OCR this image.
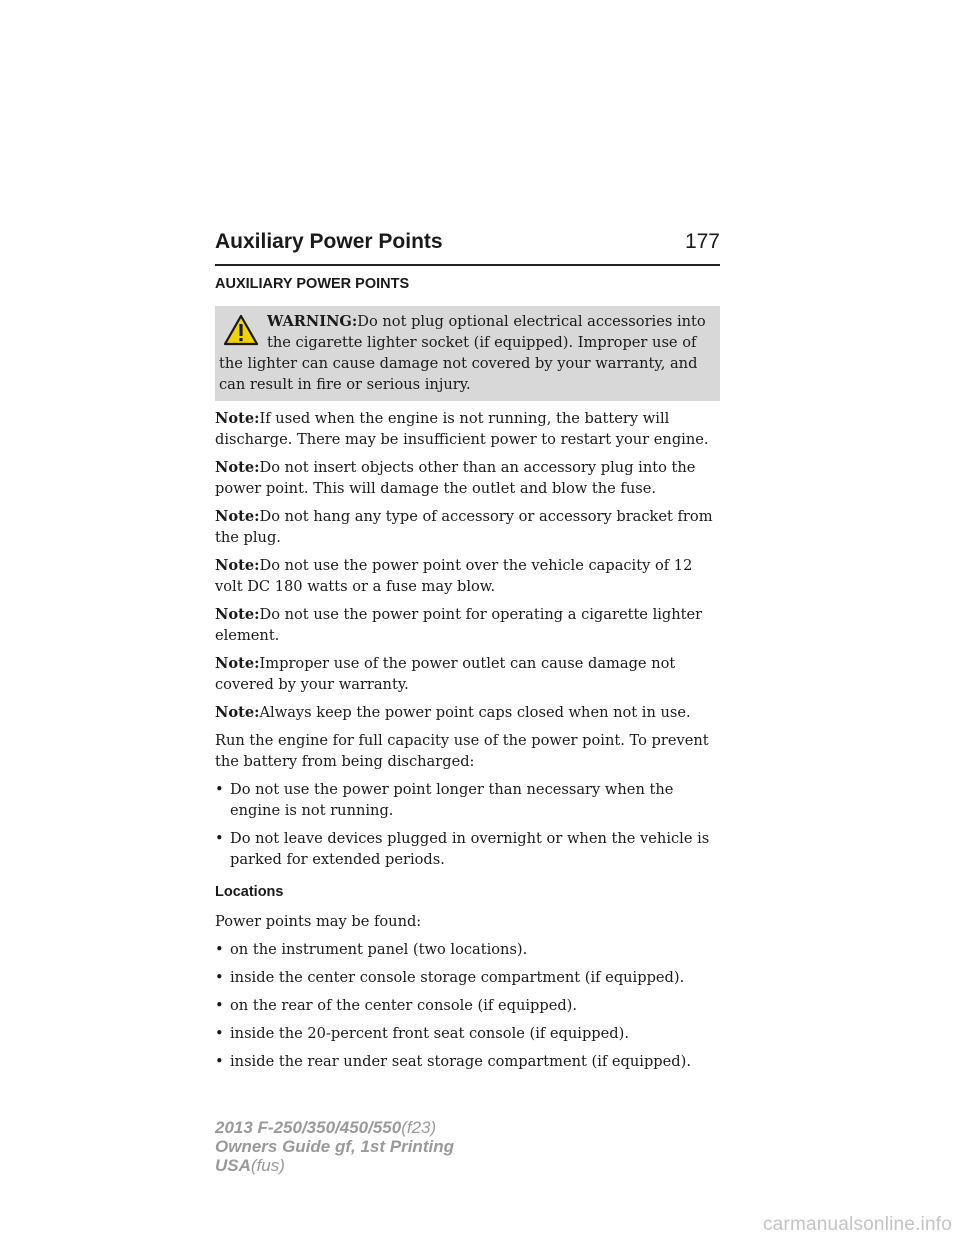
Auxiliary Power Points	177
AUXILIARY POWER POINTS
WARNING:Do not plug optional electrical accessories into the cigarette lighter socket (if equipped). Improper use of the lighter can cause damage not covered by your warranty, and can result in fire or serious injury.

Note:If used when the engine is not running, the battery will discharge. There may be insufficient power to restart your engine.

Note:Do not insert objects other than an accessory plug into the power point. This will damage the outlet and blow the fuse.

Note:Do not hang any type of accessory or accessory bracket from the plug.

Note:Do not use the power point over the vehicle capacity of 12 volt DC 180 watts or a fuse may blow.

Note:Do not use the power point for operating a cigarette lighter element.

Note:Improper use of the power outlet can cause damage not covered by your warranty.

Note:Always keep the power point caps closed when not in use.

Run the engine for full capacity use of the power point. To prevent the battery from being discharged:

• Do not use the power point longer than necessary when the engine is not running.
• Do not leave devices plugged in overnight or when the vehicle is parked for extended periods.
Locations

Power points may be found:

• on the instrument panel (two locations).
• inside the center console storage compartment (if equipped).
• on the rear of the center console (if equipped).
• inside the 20-percent front seat console (if equipped).
• inside the rear under seat storage compartment (if equipped).
2013 F-250/350/450/550(f23)
Owners Guide gf, 1st Printing
USA(fus)
carmanualsonline.info
